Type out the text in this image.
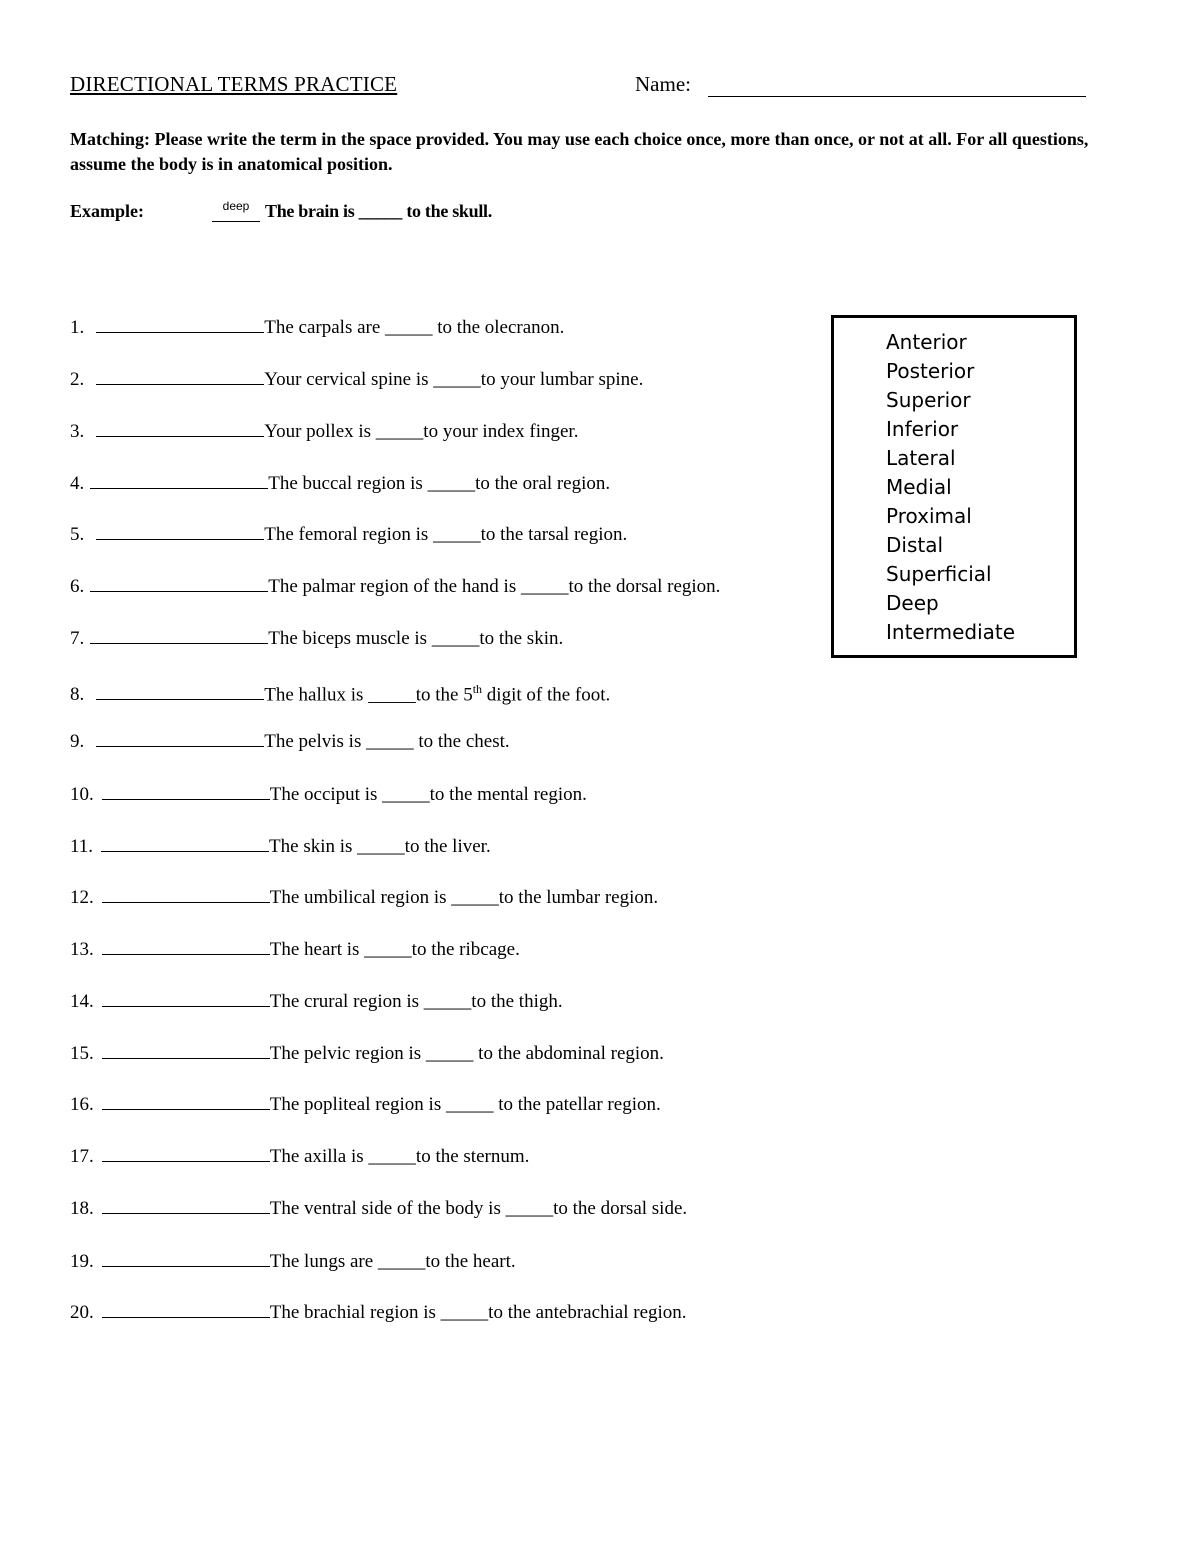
DIRECTIONAL TERMS PRACTICE	Name:
Matching: Please write the term in the space provided. You may use each choice once, more than once, or not at all. For all questions, assume the body is in anatomical position.
Example:	deep The brain is _____ to the skull.
1.	The carpals are _____ to the olecranon.
2.	Your cervical spine is _____to your lumbar spine.
3.	Your pollex is _____to your index finger.
4.	The buccal region is _____to the oral region.
5.	The femoral region is _____to the tarsal region.
6.	The palmar region of the hand is _____to the dorsal region.
7.	The biceps muscle is _____to the skin.
8.	The hallux is _____to the 5th digit of the foot.
9.	The pelvis is _____ to the chest.
10.	The occiput is _____to the mental region.
11.	The skin is _____to the liver.
12.	The umbilical region is _____to the lumbar region.
13.	The heart is _____to the ribcage.
14.	The crural region is _____to the thigh.
15.	The pelvic region is _____ to the abdominal region.
16.	The popliteal region is _____ to the patellar region.
17.	The axilla is _____to the sternum.
18.	The ventral side of the body is _____to the dorsal side.
19.	The lungs are _____to the heart.
20.	The brachial region is _____to the antebrachial region.
Anterior
Posterior
Superior
Inferior
Lateral
Medial
Proximal
Distal
Superficial
Deep
Intermediate
